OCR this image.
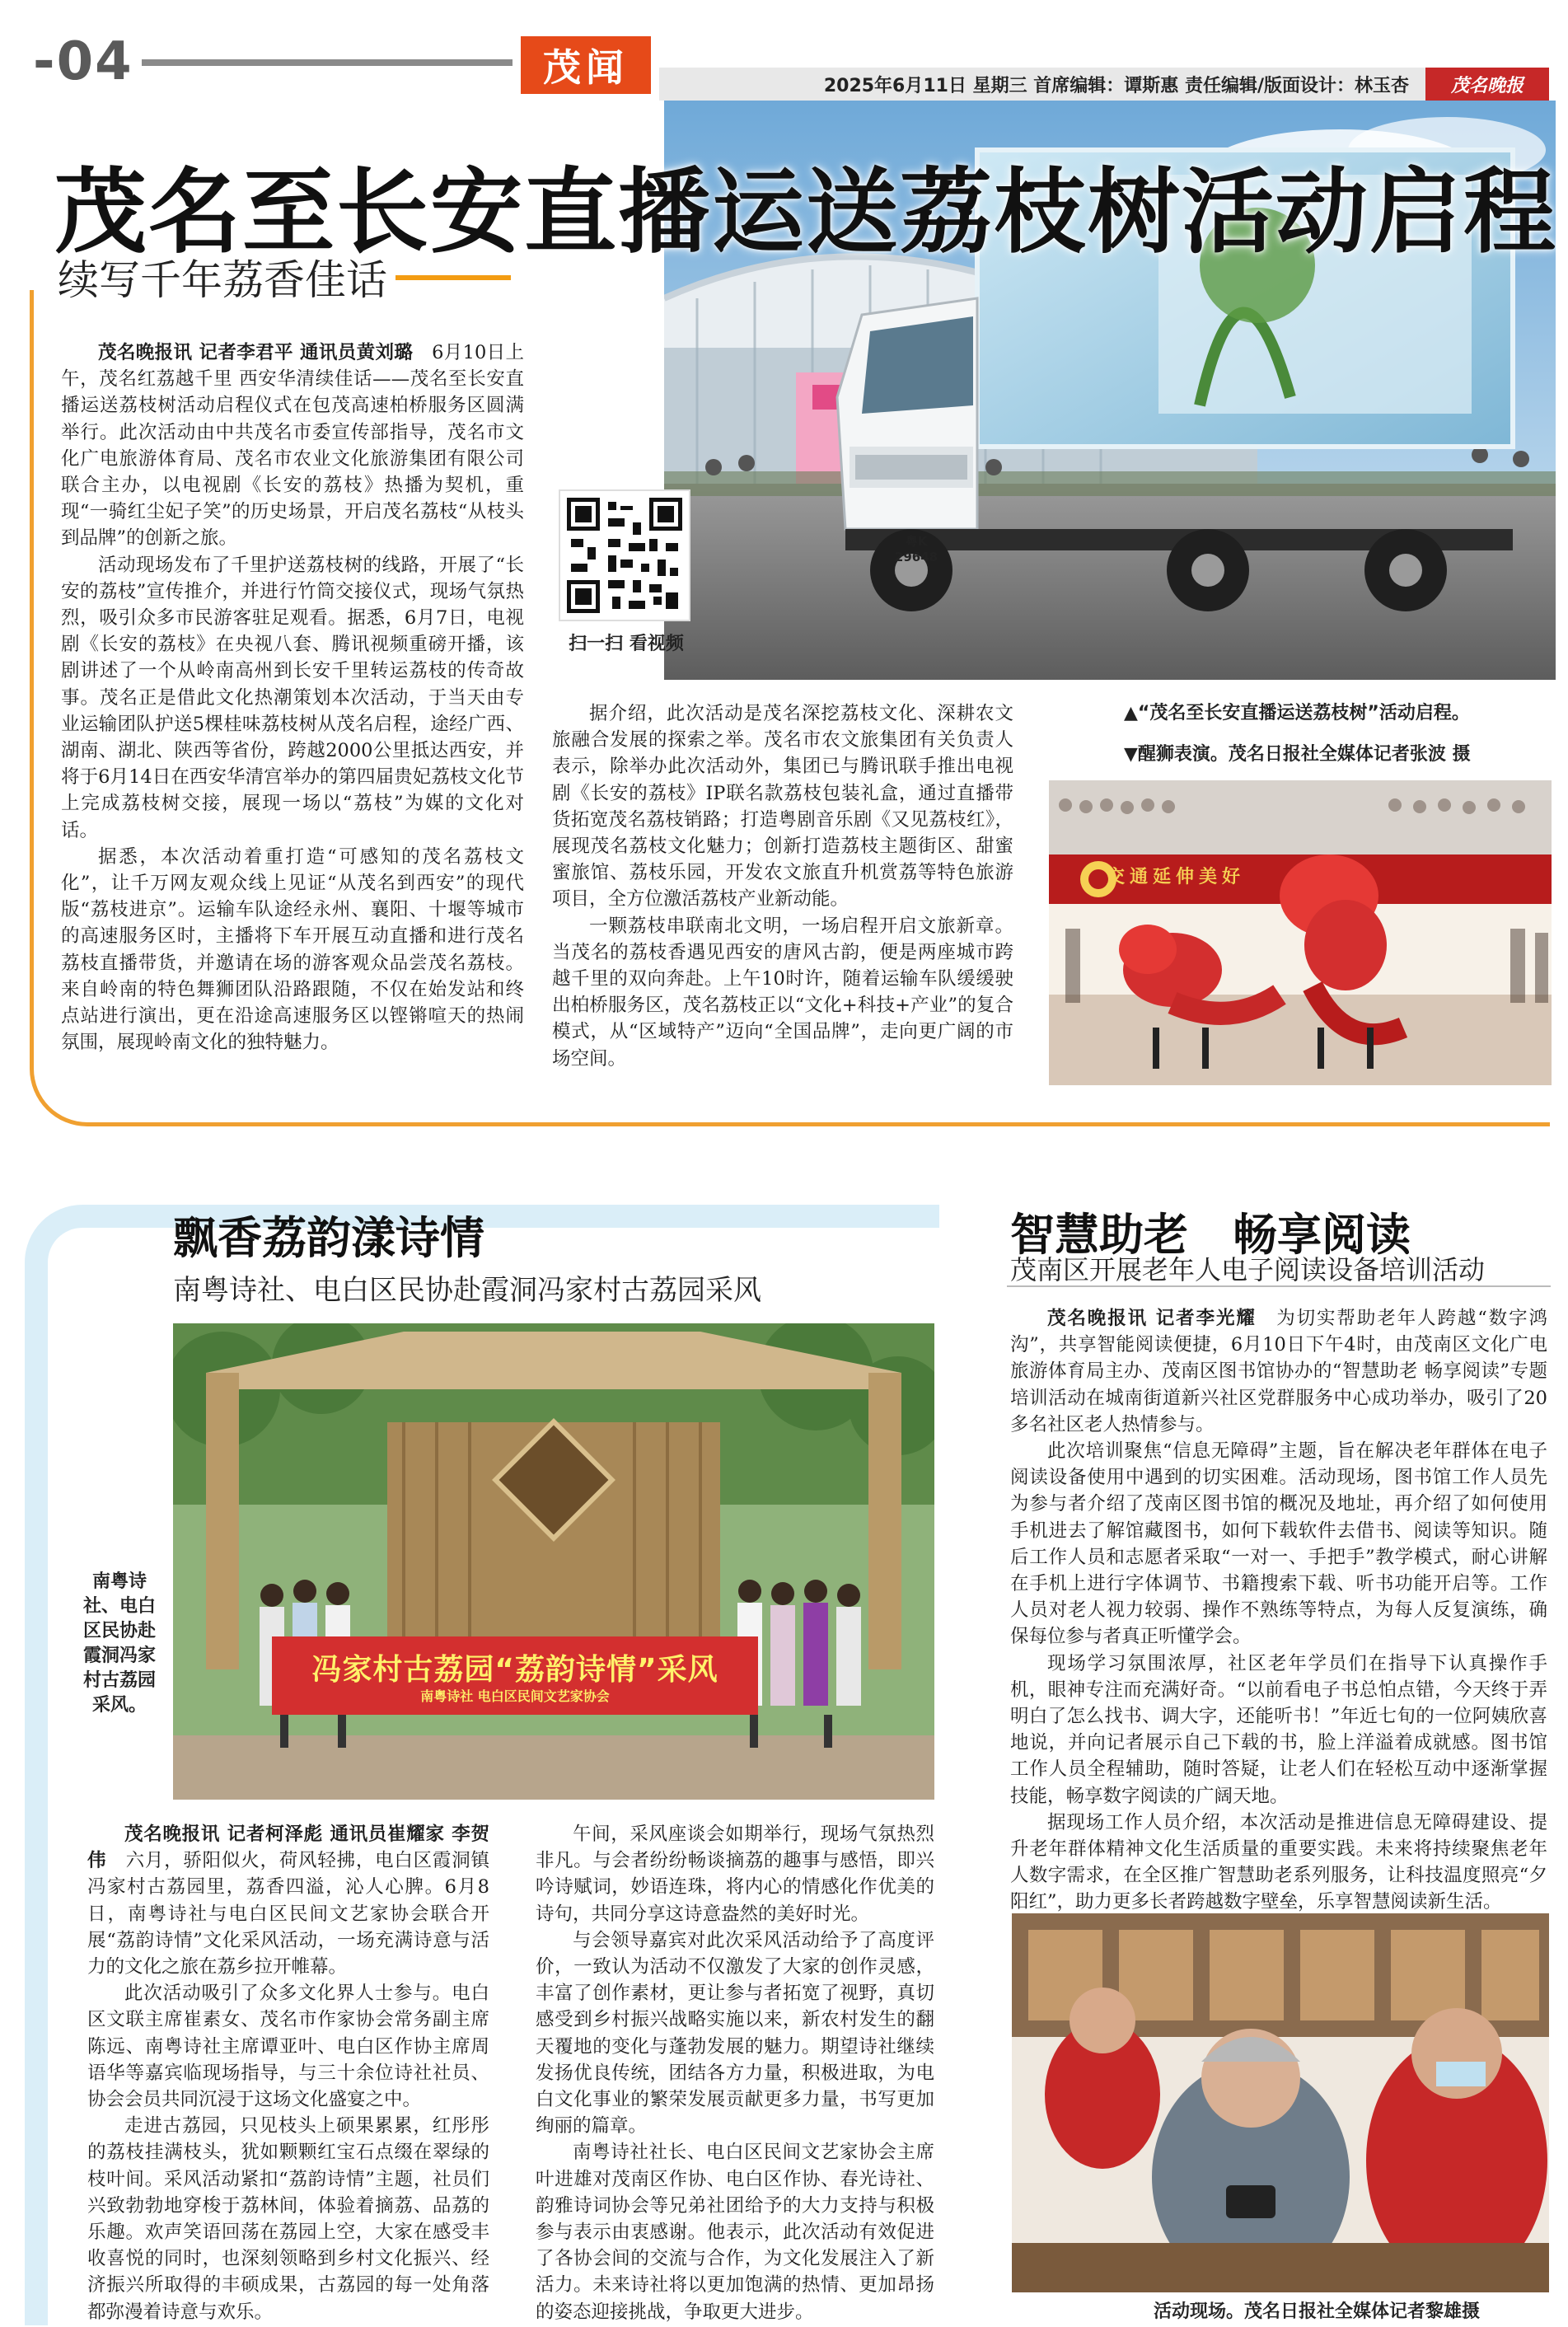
-04	茂闻	2025年6月11日 星期三 首席编辑：谭斯惠 责任编辑/版面设计：林玉杏	茂名晚报
粤K 29648
茂名至长安直播运送荔枝树活动启程
续写千年荔香佳话

茂名晚报讯 记者李君平 通讯员黄刘璐　 6月10日上午，茂名红荔越千里 西安华清续佳话——茂名至长安直播运送荔枝树活动启程仪式在包茂高速柏桥服务区圆满举行。此次活动由中共茂名市委宣传部指导，茂名市文化广电旅游体育局、茂名市农业文化旅游集团有限公司联合主办，以电视剧《长安的荔枝》热播为契机，重现“一骑红尘妃子笑”的历史场景，开启茂名荔枝“从枝头到品牌”的创新之旅。

活动现场发布了千里护送荔枝树的线路，开展了“长安的荔枝”宣传推介，并进行竹筒交接仪式，现场气氛热烈，吸引众多市民游客驻足观看。据悉，6月7日，电视剧《长安的荔枝》在央视八套、腾讯视频重磅开播，该剧讲述了一个从岭南高州到长安千里转运荔枝的传奇故事。茂名正是借此文化热潮策划本次活动，于当天由专业运输团队护送5棵桂味荔枝树从茂名启程，途经广西、湖南、湖北、陕西等省份，跨越2000公里抵达西安，并将于6月14日在西安华清宫举办的第四届贵妃荔枝文化节上完成荔枝树交接，展现一场以“荔枝”为媒的文化对话。

据悉，本次活动着重打造“可感知的茂名荔枝文化”，让千万网友观众线上见证“从茂名到西安”的现代版“荔枝进京”。运输车队途经永州、襄阳、十堰等城市的高速服务区时，主播将下车开展互动直播和进行茂名荔枝直播带货，并邀请在场的游客观众品尝茂名荔枝。来自岭南的特色舞狮团队沿路跟随，不仅在始发站和终点站进行演出，更在沿途高速服务区以铿锵喧天的热闹氛围，展现岭南文化的独特魅力。

扫一扫 看视频

据介绍，此次活动是茂名深挖荔枝文化、深耕农文旅融合发展的探索之举。茂名市农文旅集团有关负责人表示，除举办此次活动外，集团已与腾讯联手推出电视剧《长安的荔枝》IP联名款荔枝包装礼盒，通过直播带货拓宽茂名荔枝销路；打造粤剧音乐剧《又见荔枝红》，展现茂名荔枝文化魅力；创新打造荔枝主题街区、甜蜜蜜旅馆、荔枝乐园，开发农文旅直升机赏荔等特色旅游项目，全方位激活荔枝产业新动能。

一颗荔枝串联南北文明，一场启程开启文旅新章。当茂名的荔枝香遇见西安的唐风古韵，便是两座城市跨越千里的双向奔赴。上午10时许，随着运输车队缓缓驶出柏桥服务区，茂名荔枝正以“文化+科技+产业”的复合模式，从“区域特产”迈向“全国品牌”，走向更广阔的市场空间。

▲“茂名至长安直播运送荔枝树”活动启程。
▼醒狮表演。茂名日报社全媒体记者张波 摄
交通延伸美好
飘香荔韵漾诗情
南粤诗社、电白区民协赴霞洞冯家村古荔园采风
冯家村古荔园“荔韵诗情”采风
南粤诗社 电白区民间文艺家协会
南粤诗社、电白区民协赴霞洞冯家村古荔园采风。

茂名晚报讯 记者柯泽彪 通讯员崔耀家 李贺伟　 六月，骄阳似火，荷风轻拂，电白区霞洞镇冯家村古荔园里，荔香四溢，沁人心脾。6月8日，南粤诗社与电白区民间文艺家协会联合开展“荔韵诗情”文化采风活动，一场充满诗意与活力的文化之旅在荔乡拉开帷幕。

此次活动吸引了众多文化界人士参与。电白区文联主席崔素女、茂名市作家协会常务副主席陈远、南粤诗社主席谭亚叶、电白区作协主席周语华等嘉宾临现场指导，与三十余位诗社社员、协会会员共同沉浸于这场文化盛宴之中。

走进古荔园，只见枝头上硕果累累，红彤彤的荔枝挂满枝头，犹如颗颗红宝石点缀在翠绿的枝叶间。采风活动紧扣“荔韵诗情”主题，社员们兴致勃勃地穿梭于荔林间，体验着摘荔、品荔的乐趣。欢声笑语回荡在荔园上空，大家在感受丰收喜悦的同时，也深刻领略到乡村文化振兴、经济振兴所取得的丰硕成果，古荔园的每一处角落都弥漫着诗意与欢乐。

午间，采风座谈会如期举行，现场气氛热烈非凡。与会者纷纷畅谈摘荔的趣事与感悟，即兴吟诗赋词，妙语连珠，将内心的情感化作优美的诗句，共同分享这诗意盎然的美好时光。

与会领导嘉宾对此次采风活动给予了高度评价，一致认为活动不仅激发了大家的创作灵感，丰富了创作素材，更让参与者拓宽了视野，真切感受到乡村振兴战略实施以来，新农村发生的翻天覆地的变化与蓬勃发展的魅力。期望诗社继续发扬优良传统，团结各方力量，积极进取，为电白文化事业的繁荣发展贡献更多力量，书写更加绚丽的篇章。

南粤诗社社长、电白区民间文艺家协会主席叶进雄对茂南区作协、电白区作协、春光诗社、韵雅诗词协会等兄弟社团给予的大力支持与积极参与表示由衷感谢。他表示，此次活动有效促进了各协会间的交流与合作，为文化发展注入了新活力。未来诗社将以更加饱满的热情、更加昂扬的姿态迎接挑战，争取更大进步。

智慧助老　畅享阅读
茂南区开展老年人电子阅读设备培训活动

茂名晚报讯 记者李光耀　 为切实帮助老年人跨越“数字鸿沟”，共享智能阅读便捷，6月10日下午4时，由茂南区文化广电旅游体育局主办、茂南区图书馆协办的“智慧助老 畅享阅读”专题培训活动在城南街道新兴社区党群服务中心成功举办，吸引了20多名社区老人热情参与。

此次培训聚焦“信息无障碍”主题，旨在解决老年群体在电子阅读设备使用中遇到的切实困难。活动现场，图书馆工作人员先为参与者介绍了茂南区图书馆的概况及地址，再介绍了如何使用手机进去了解馆藏图书，如何下载软件去借书、阅读等知识。随后工作人员和志愿者采取“一对一、手把手”教学模式，耐心讲解在手机上进行字体调节、书籍搜索下载、听书功能开启等。工作人员对老人视力较弱、操作不熟练等特点，为每人反复演练，确保每位参与者真正听懂学会。

现场学习氛围浓厚，社区老年学员们在指导下认真操作手机，眼神专注而充满好奇。“以前看电子书总怕点错，今天终于弄明白了怎么找书、调大字，还能听书！”年近七旬的一位阿姨欣喜地说，并向记者展示自己下载的书，脸上洋溢着成就感。图书馆工作人员全程辅助，随时答疑，让老人们在轻松互动中逐渐掌握技能，畅享数字阅读的广阔天地。

据现场工作人员介绍，本次活动是推进信息无障碍建设、提升老年群体精神文化生活质量的重要实践。未来将持续聚焦老年人数字需求，在全区推广智慧助老系列服务，让科技温度照亮“夕阳红”，助力更多长者跨越数字壁垒，乐享智慧阅读新生活。

活动现场。茂名日报社全媒体记者黎雄摄
